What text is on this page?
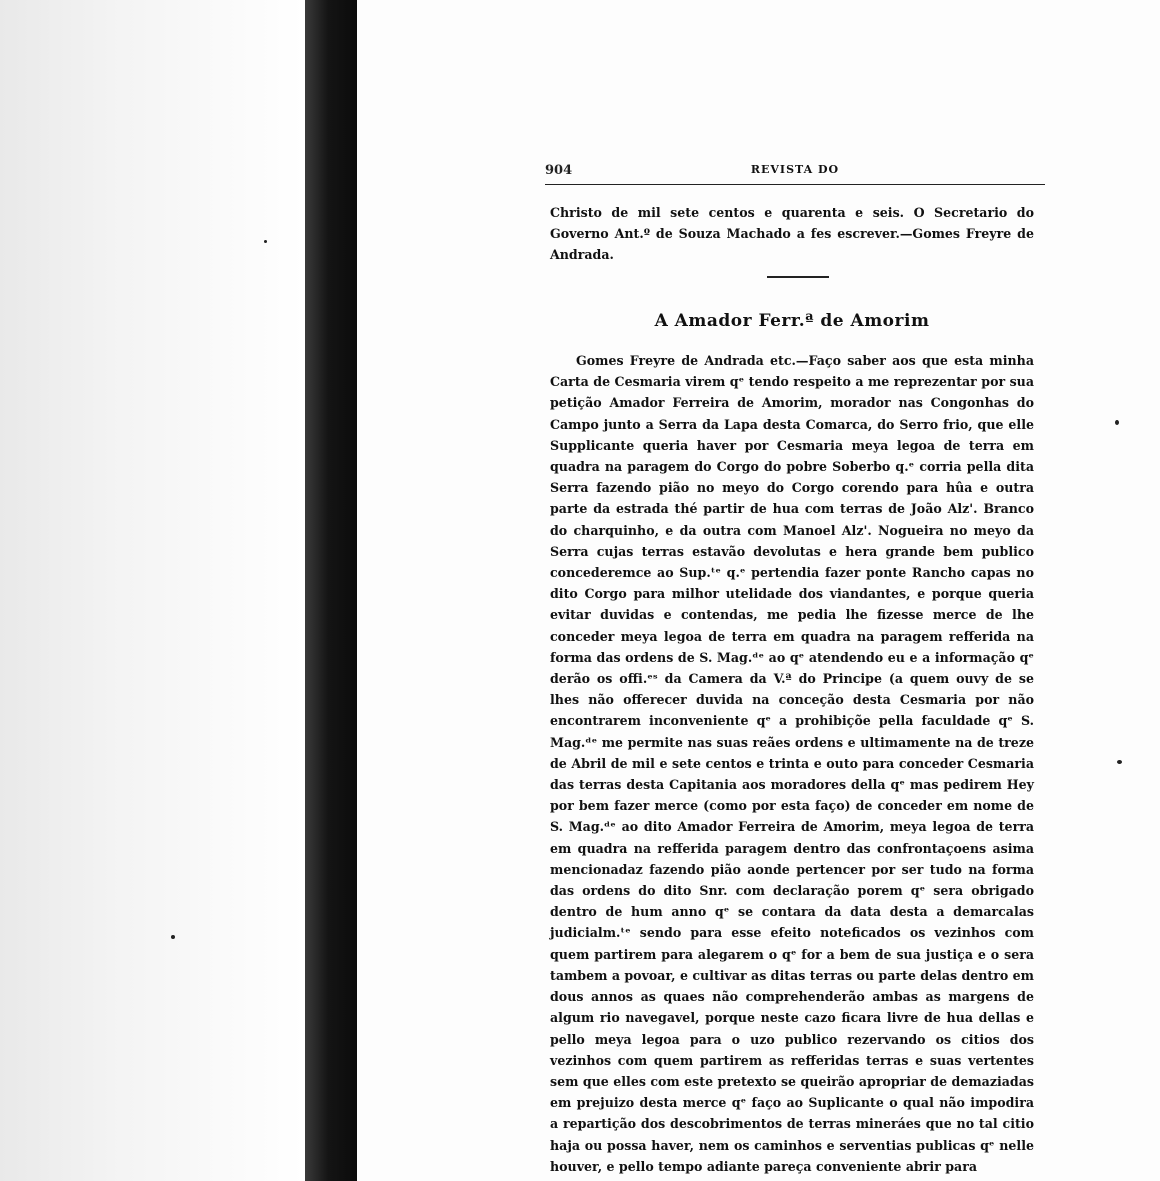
904	REVISTA DO

Christo de mil sete centos e quarenta e seis. O Secretario do Governo Ant.º de Souza Machado a fes escrever.—Gomes Freyre de Andrada.

A Amador Ferr.ª de Amorim

Gomes Freyre de Andrada etc.—Faço saber aos que esta minha Carta de Cesmaria virem qᵉ tendo respeito a me reprezentar por sua petição Amador Ferreira de Amorim, morador nas Congonhas do Campo junto a Serra da Lapa desta Comarca, do Serro frio, que elle Supplicante queria haver por Cesmaria meya legoa de terra em quadra na paragem do Corgo do pobre Soberbo q.ᵉ corria pella dita Serra fazendo pião no meyo do Corgo corendo para hûa e outra parte da estrada thé partir de hua com terras de João Alz'. Branco do charquinho, e da outra com Manoel Alz'. Nogueira no meyo da Serra cujas terras estavão devolutas e hera grande bem publico concederemce ao Sup.ᵗᵉ q.ᵉ pertendia fazer ponte Rancho capas no dito Corgo para milhor utelidade dos viandantes, e porque queria evitar duvidas e contendas, me pedia lhe fizesse merce de lhe conceder meya legoa de terra em quadra na paragem refferida na forma das ordens de S. Mag.ᵈᵉ ao qᵉ atendendo eu e a informação qᵉ derão os offi.ᵉˢ da Camera da V.ª do Principe (a quem ouvy de se lhes não offerecer duvida na conceção desta Cesmaria por não encontrarem inconveniente qᵉ a prohibiçõe pella faculdade qᵉ S. Mag.ᵈᵉ me permite nas suas reães ordens e ultimamente na de treze de Abril de mil e sete centos e trinta e outo para conceder Cesmaria das terras desta Capitania aos moradores della qᵉ mas pedirem Hey por bem fazer merce (como por esta faço) de conceder em nome de S. Mag.ᵈᵉ ao dito Amador Ferreira de Amorim, meya legoa de terra em quadra na refferida paragem dentro das confrontaçoens asima mencionadaz fazendo pião aonde pertencer por ser tudo na forma das ordens do dito Snr. com declaração porem qᵉ sera obrigado dentro de hum anno qᵉ se contara da data desta a demarcalas judicialm.ᵗᵉ sendo para esse efeito noteficados os vezinhos com quem partirem para alegarem o qᵉ for a bem de sua justiça e o sera tambem a povoar, e cultivar as ditas terras ou parte delas dentro em dous annos as quaes não comprehenderão ambas as margens de algum rio navegavel, porque neste cazo ficara livre de hua dellas e pello meya legoa para o uzo publico rezervando os citios dos vezinhos com quem partirem as refferidas terras e suas vertentes sem que elles com este pretexto se queirão apropriar de demaziadas em prejuizo desta merce qᵉ faço ao Suplicante o qual não impodira a repartição dos descobrimentos de terras mineráes que no tal citio haja ou possa haver, nem os caminhos e serventias publicas qᵉ nelle houver, e pello tempo adiante pareça conveniente abrir para
